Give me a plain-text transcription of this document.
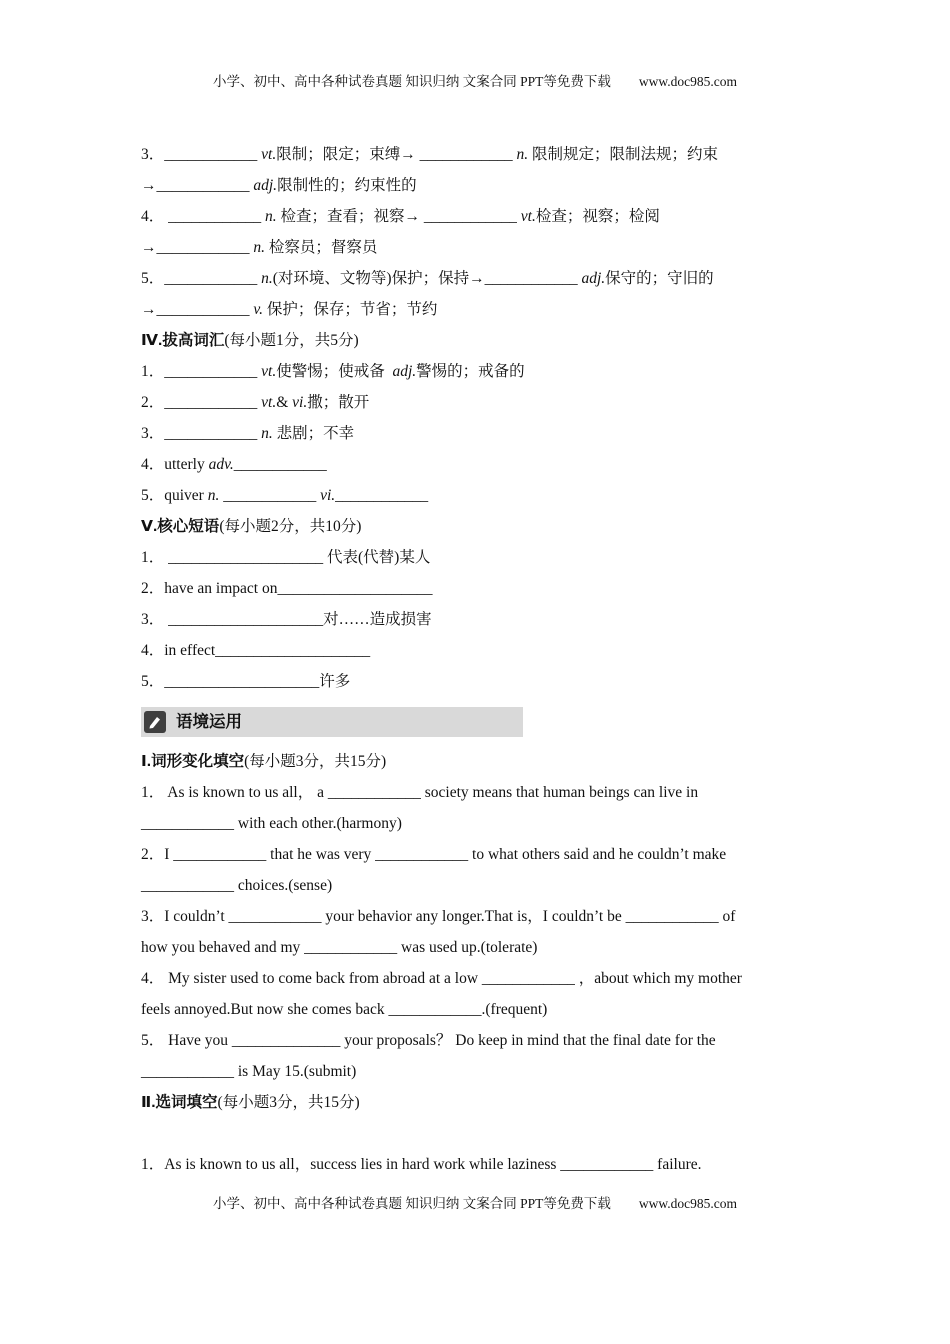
小学、初中、高中各种试卷真题 知识归纳 文案合同 PPT等免费下载 www.doc985.com
3．____________ vt.限制；限定；束缚→ ____________ n. 限制规定；限制法规；约束
→____________ adj.限制性的；约束性的
4． ____________ n. 检查；查看；视察→ ____________ vt.检查；视察；检阅
→____________ n. 检察员；督察员
5．____________ n.(对环境、文物等)保护；保持→____________ adj.保守的；守旧的
→____________ v. 保护；保存；节省；节约
Ⅳ.拔高词汇(每小题1分，共5分)
1．____________ vt.使警惕；使戒备  adj.警惕的；戒备的
2．____________ vt.& vi.撒；散开
3．____________ n. 悲剧；不幸
4．utterly adv.____________
5．quiver n. ____________ vi.____________
Ⅴ.核心短语(每小题2分，共10分)
1． ____________________ 代表(代替)某人
2．have an impact on____________________
3． ____________________对……造成损害
4．in effect____________________
5．____________________许多
语境运用
Ⅰ.词形变化填空(每小题3分，共15分)
1． As is known to us all， a ____________ society means that human beings can live in
____________ with each other.(harmony)
2．I ____________ that he was very ____________ to what others said and he couldn’t make
____________ choices.(sense)
3．I couldn’t ____________ your behavior any longer.That is，I couldn’t be ____________ of
how you behaved and my ____________ was used up.(tolerate)
4． My sister used to come back from abroad at a low ____________ ，about which my mother
feels annoyed.But now she comes back ____________.(frequent)
5． Have you ______________ your proposals？ Do keep in mind that the final date for the
____________ is May 15.(submit)
Ⅱ.选词填空(每小题3分，共15分)
1．As is known to us all，success lies in hard work while laziness ____________ failure.
小学、初中、高中各种试卷真题 知识归纳 文案合同 PPT等免费下载 www.doc985.com
